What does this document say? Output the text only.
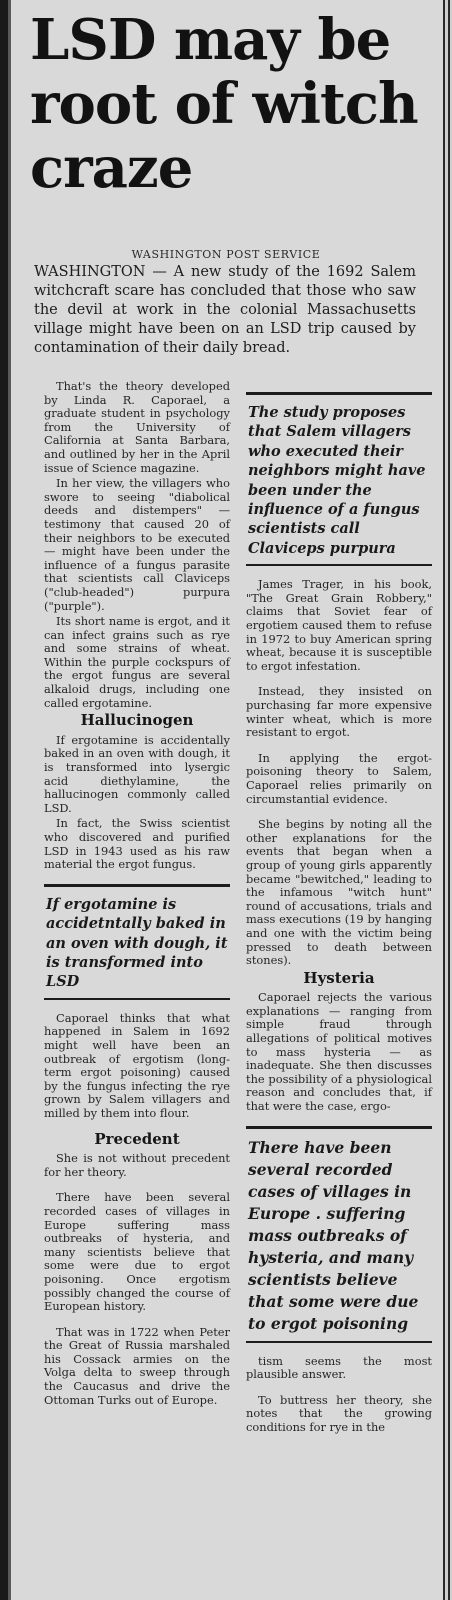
LSD may be root of witch craze
WASHINGTON POST SERVICE

WASHINGTON — A new study of the 1692 Salem witchcraft scare has concluded that those who saw the devil at work in the colonial Massachusetts village might have been on an LSD trip caused by contamination of their daily bread.

That's the theory developed by Linda R. Caporael, a graduate student in psychology from the University of California at Santa Barbara, and outlined by her in the April issue of Science magazine.

In her view, the villagers who swore to seeing "diabolical deeds and distempers" — testimony that caused 20 of their neighbors to be executed — might have been under the influence of a fungus parasite that scientists call Claviceps ("club-headed") purpura ("purple").

Its short name is ergot, and it can infect grains such as rye and some strains of wheat. Within the purple cockspurs of the ergot fungus are several alkaloid drugs, including one called ergotamine.

Hallucinogen

If ergotamine is accidentally baked in an oven with dough, it is transformed into lysergic acid diethylamine, the hallucinogen commonly called LSD.

In fact, the Swiss scientist who discovered and purified LSD in 1943 used as his raw material the ergot fungus.

If ergotamine is accidetntally baked in an oven with dough, it is transformed into LSD

Caporael thinks that what happened in Salem in 1692 might well have been an outbreak of ergotism (long-term ergot poisoning) caused by the fungus infecting the rye grown by Salem villagers and milled by them into flour.

Precedent

She is not without precedent for her theory.

There have been several recorded cases of villages in Europe suffering mass outbreaks of hysteria, and many scientists believe that some were due to ergot poisoning. Once ergotism possibly changed the course of European history.

That was in 1722 when Peter the Great of Russia marshaled his Cossack armies on the Volga delta to sweep through the Caucasus and drive the Ottoman Turks out of Europe.

The study proposes that Salem villagers who executed their neighbors might have been under the influence of a fungus scientists call Claviceps purpura

James Trager, in his book, "The Great Grain Robbery," claims that Soviet fear of ergotiem caused them to refuse in 1972 to buy American spring wheat, because it is susceptible to ergot infestation.

Instead, they insisted on purchasing far more expensive winter wheat, which is more resistant to ergot.

In applying the ergot-poisoning theory to Salem, Caporael relies primarily on circumstantial evidence.

She begins by noting all the other explanations for the events that began when a group of young girls apparently became "bewitched," leading to the infamous "witch hunt" round of accusations, trials and mass executions (19 by hanging and one with the victim being pressed to death between stones).

Hysteria

Caporael rejects the various explanations — ranging from simple fraud through allegations of political motives to mass hysteria — as inadequate. She then discusses the possibility of a physiological reason and concludes that, if that were the case, ergo-

There have been several recorded cases of villages in Europe . suffering mass outbreaks of hysteria, and many scientists believe that some were due to ergot poisoning

tism seems the most plausible answer.

To buttress her theory, she notes that the growing conditions for rye in the
